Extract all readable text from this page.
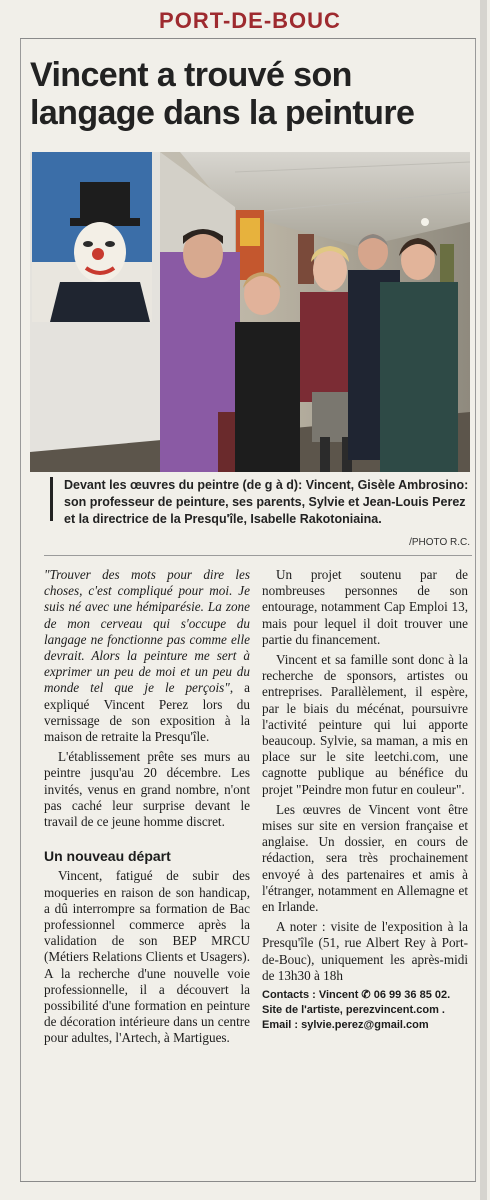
PORT-DE-BOUC
Vincent a trouvé son
langage dans la peinture
Devant les œuvres du peintre (de g à d): Vincent, Gisèle Ambrosino: son professeur de peinture, ses parents, Sylvie et Jean-Louis Perez et la directrice de la Presqu'île, Isabelle Rakotoniaina.
/PHOTO R.C.

"Trouver des mots pour dire les choses, c'est compliqué pour moi. Je suis né avec une hémiparésie. La zone de mon cerveau qui s'occupe du langage ne fonctionne pas comme elle devrait. Alors la peinture me sert à exprimer un peu de moi et un peu du monde tel que je le perçois", a expliqué Vincent Perez lors du vernissage de son exposition à la maison de retraite la Presqu'île.

L'établissement prête ses murs au peintre jusqu'au 20 décembre. Les invités, venus en grand nombre, n'ont pas caché leur surprise devant le travail de ce jeune homme discret.

Un nouveau départ

Vincent, fatigué de subir des moqueries en raison de son handicap, a dû interrompre sa formation de Bac professionnel commerce après la validation de son BEP MRCU (Métiers Relations Clients et Usagers). A la recherche d'une nouvelle voie professionnelle, il a découvert la possibilité d'une formation en peinture de décoration intérieure dans un centre pour adultes, l'Artech, à Martigues.

Un projet soutenu par de nombreuses personnes de son entourage, notamment Cap Emploi 13, mais pour lequel il doit trouver une partie du financement.

Vincent et sa famille sont donc à la recherche de sponsors, artistes ou entreprises. Parallèlement, il espère, par le biais du mécénat, poursuivre l'activité peinture qui lui apporte beaucoup. Sylvie, sa maman, a mis en place sur le site leetchi.com, une cagnotte publique au bénéfice du projet "Peindre mon futur en couleur".

Les œuvres de Vincent vont être mises sur site en version française et anglaise. Un dossier, en cours de rédaction, sera très prochainement envoyé à des partenaires et amis à l'étranger, notamment en Allemagne et en Irlande.

A noter : visite de l'exposition à la Presqu'île (51, rue Albert Rey à Port-de-Bouc), uniquement les après-midi de 13h30 à 18h

Contacts : Vincent ✆ 06 99 36 85 02. Site de l'artiste, perezvincent.com . Email : sylvie.perez@gmail.com
